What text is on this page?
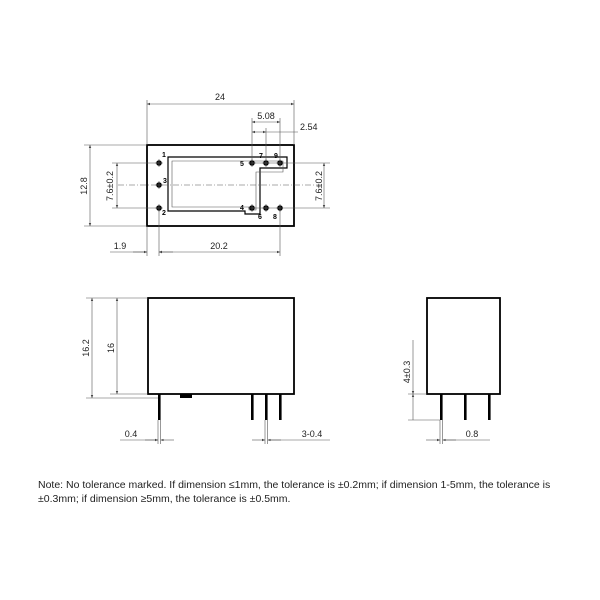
1
3
2
5
4
7 9
6 8
24
5.08
2.54
12.8 7.6±0.2	7.6±0.2
1.9	20.2
16.2 16
0.4	3-0.4
4±0.3
0.8
Note: No tolerance marked. If dimension ≤1mm, the tolerance is ±0.2mm; if dimension 1-5mm, the tolerance is ±0.3mm; if dimension ≥5mm, the tolerance is ±0.5mm.
